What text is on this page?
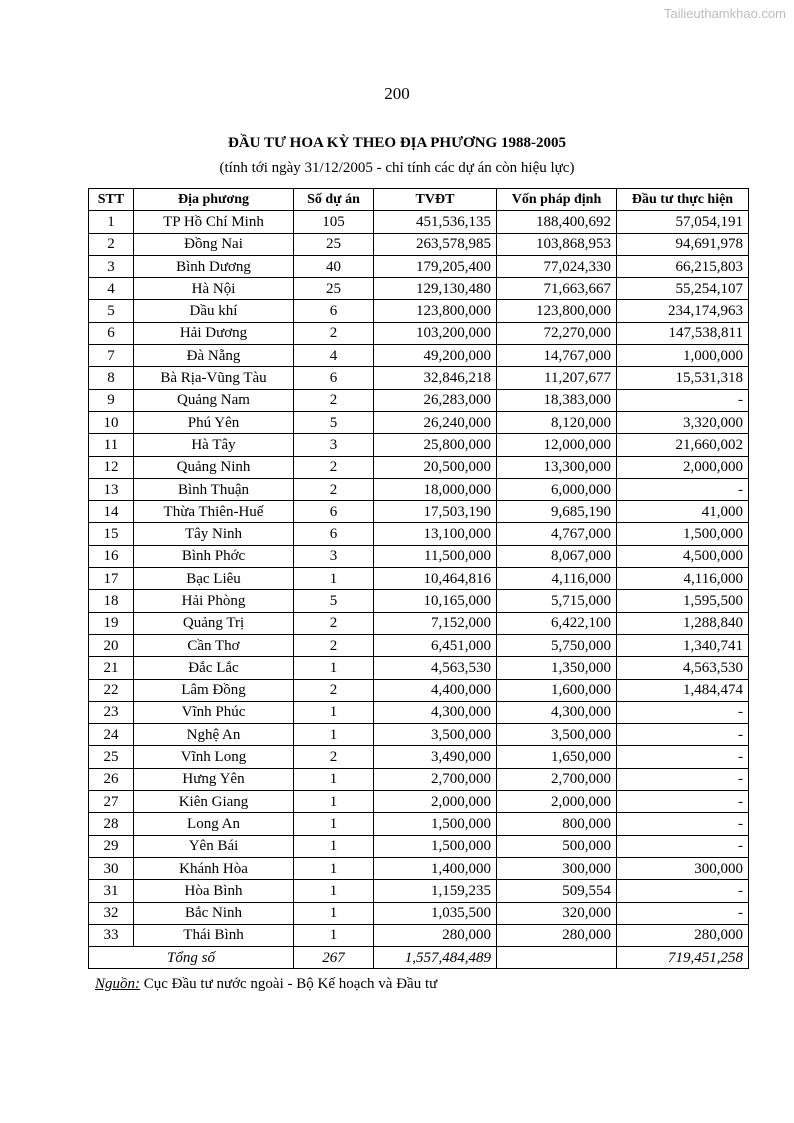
Tailieuthamkhao.com
200
ĐẦU TƯ HOA KỲ THEO ĐỊA PHƯƠNG 1988-2005
(tính tới ngày 31/12/2005 - chỉ tính các dự án còn hiệu lực)
STT	Địa phương	Số dự án	TVĐT	Vốn pháp định	Đầu tư thực hiện
1	TP Hồ Chí Minh	105	451,536,135	188,400,692	57,054,191
2	Đồng Nai	25	263,578,985	103,868,953	94,691,978
3	Bình Dương	40	179,205,400	77,024,330	66,215,803
4	Hà Nội	25	129,130,480	71,663,667	55,254,107
5	Dầu khí	6	123,800,000	123,800,000	234,174,963
6	Hải Dương	2	103,200,000	72,270,000	147,538,811
7	Đà Nẵng	4	49,200,000	14,767,000	1,000,000
8	Bà Rịa-Vũng Tàu	6	32,846,218	11,207,677	15,531,318
9	Quảng Nam	2	26,283,000	18,383,000	-
10	Phú Yên	5	26,240,000	8,120,000	3,320,000
11	Hà Tây	3	25,800,000	12,000,000	21,660,002
12	Quảng Ninh	2	20,500,000	13,300,000	2,000,000
13	Bình Thuận	2	18,000,000	6,000,000	-
14	Thừa Thiên-Huế	6	17,503,190	9,685,190	41,000
15	Tây Ninh	6	13,100,000	4,767,000	1,500,000
16	Bình Phớc	3	11,500,000	8,067,000	4,500,000
17	Bạc Liêu	1	10,464,816	4,116,000	4,116,000
18	Hải Phòng	5	10,165,000	5,715,000	1,595,500
19	Quảng Trị	2	7,152,000	6,422,100	1,288,840
20	Cần Thơ	2	6,451,000	5,750,000	1,340,741
21	Đắc Lắc	1	4,563,530	1,350,000	4,563,530
22	Lâm Đồng	2	4,400,000	1,600,000	1,484,474
23	Vĩnh Phúc	1	4,300,000	4,300,000	-
24	Nghệ An	1	3,500,000	3,500,000	-
25	Vĩnh Long	2	3,490,000	1,650,000	-
26	Hưng Yên	1	2,700,000	2,700,000	-
27	Kiên Giang	1	2,000,000	2,000,000	-
28	Long An	1	1,500,000	800,000	-
29	Yên Bái	1	1,500,000	500,000	-
30	Khánh Hòa	1	1,400,000	300,000	300,000
31	Hòa Bình	1	1,159,235	509,554	-
32	Bắc Ninh	1	1,035,500	320,000	-
33	Thái Bình	1	280,000	280,000	280,000
Tổng số		267	1,557,484,489		719,451,258
Nguồn: Cục Đầu tư nước ngoài - Bộ Kế hoạch và Đầu tư
